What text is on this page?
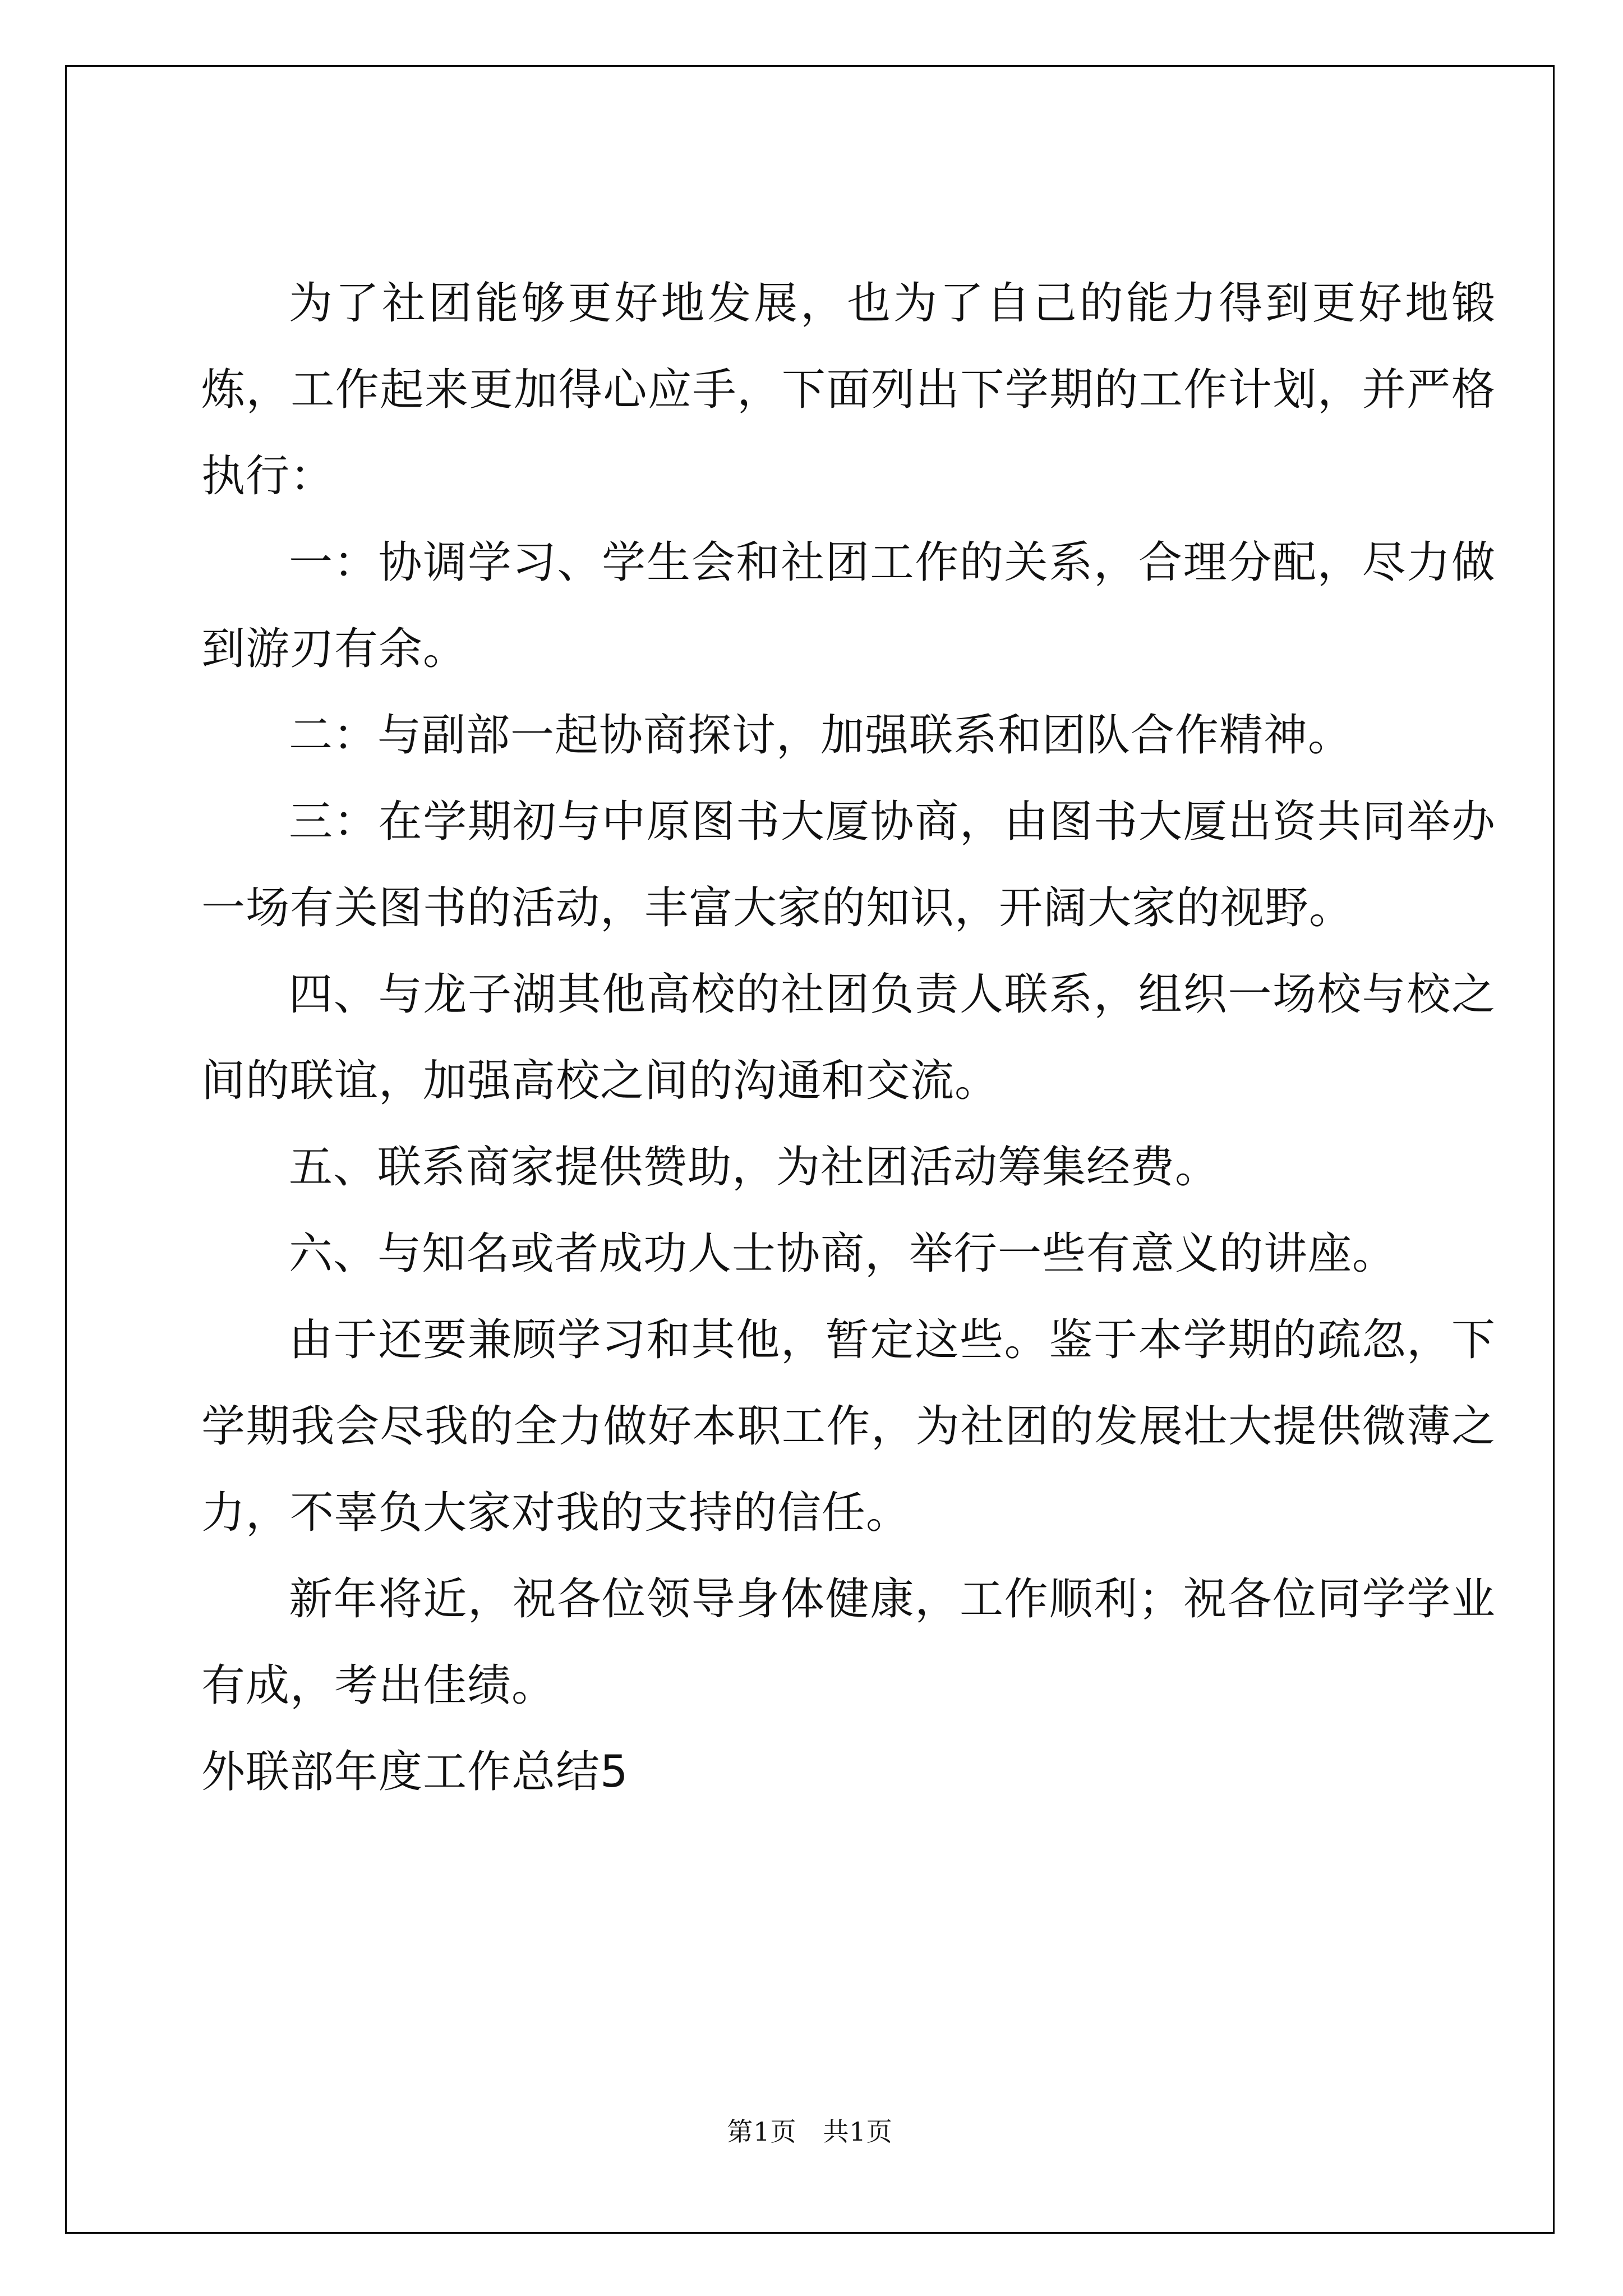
为了社团能够更好地发展，也为了自己的能力得到更好地锻炼，工作起来更加得心应手，下面列出下学期的工作计划，并严格执行：

一：协调学习、学生会和社团工作的关系，合理分配，尽力做到游刃有余。

二：与副部一起协商探讨，加强联系和团队合作精神。

三：在学期初与中原图书大厦协商，由图书大厦出资共同举办一场有关图书的活动，丰富大家的知识，开阔大家的视野。

四、与龙子湖其他高校的社团负责人联系，组织一场校与校之间的联谊，加强高校之间的沟通和交流。

五、联系商家提供赞助，为社团活动筹集经费。

六、与知名或者成功人士协商，举行一些有意义的讲座。

由于还要兼顾学习和其他，暂定这些。鉴于本学期的疏忽，下学期我会尽我的全力做好本职工作，为社团的发展壮大提供微薄之力，不辜负大家对我的支持的信任。

新年将近，祝各位领导身体健康，工作顺利；祝各位同学学业有成，考出佳绩。

外联部年度工作总结5

第1页　共1页
